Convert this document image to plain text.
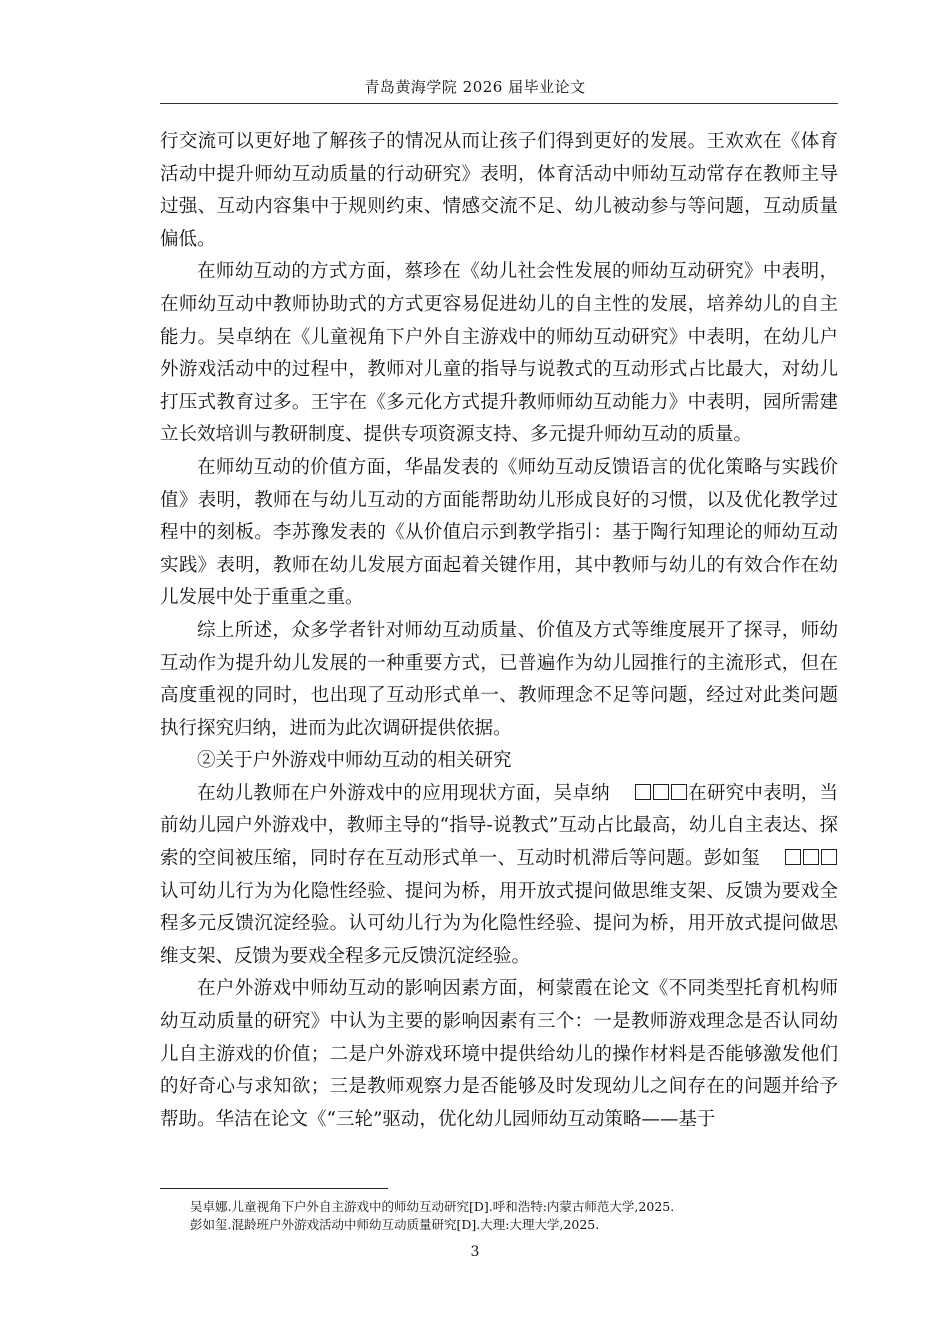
青岛黄海学院 2026 届毕业论文

行交流可以更好地了解孩子的情况从而让孩子们得到更好的发展。王欢欢在《体育活动中提升师幼互动质量的行动研究》表明，体育活动中师幼互动常存在教师主导过强、互动内容集中于规则约束、情感交流不足、幼儿被动参与等问题，互动质量偏低。

在师幼互动的方式方面，蔡珍在《幼儿社会性发展的师幼互动研究》中表明，在师幼互动中教师协助式的方式更容易促进幼儿的自主性的发展，培养幼儿的自主能力。吴卓纳在《儿童视角下户外自主游戏中的师幼互动研究》中表明，在幼儿户外游戏活动中的过程中，教师对儿童的指导与说教式的互动形式占比最大，对幼儿打压式教育过多。王宇在《多元化方式提升教师师幼互动能力》中表明，园所需建立长效培训与教研制度、提供专项资源支持、多元提升师幼互动的质量。

在师幼互动的价值方面，华晶发表的《师幼互动反馈语言的优化策略与实践价值》表明，教师在与幼儿互动的方面能帮助幼儿形成良好的习惯，以及优化教学过程中的刻板。李苏豫发表的《从价值启示到教学指引：基于陶行知理论的师幼互动实践》表明，教师在幼儿发展方面起着关键作用，其中教师与幼儿的有效合作在幼儿发展中处于重重之重。

综上所述，众多学者针对师幼互动质量、价值及方式等维度展开了探寻，师幼互动作为提升幼儿发展的一种重要方式，已普遍作为幼儿园推行的主流形式，但在高度重视的同时，也出现了互动形式单一、教师理念不足等问题，经过对此类问题执行探究归纳，进而为此次调研提供依据。

②关于户外游戏中师幼互动的相关研究

在幼儿教师在户外游戏中的应用现状方面，吴卓纳	在研究中表明，当前幼儿园户外游戏中，教师主导的“指导-说教式”互动占比最高，幼儿自主表达、探索的空间被压缩，同时存在互动形式单一、互动时机滞后等问题。彭如玺认可幼儿行为为化隐性经验、提问为桥，用开放式提问做思维支架、反馈为要戏全程多元反馈沉淀经验。认可幼儿行为为化隐性经验、提问为桥，用开放式提问做思维支架、反馈为要戏全程多元反馈沉淀经验。

在户外游戏中师幼互动的影响因素方面，柯蒙霞在论文《不同类型托育机构师幼互动质量的研究》中认为主要的影响因素有三个：一是教师游戏理念是否认同幼儿自主游戏的价值；二是户外游戏环境中提供给幼儿的操作材料是否能够激发他们的好奇心与求知欲；三是教师观察力是否能够及时发现幼儿之间存在的问题并给予帮助。华洁在论文《“三轮”驱动，优化幼儿园师幼互动策略——基于

吴卓娜.儿童视角下户外自主游戏中的师幼互动研究[D].呼和浩特:内蒙古师范大学,2025.
彭如玺.混龄班户外游戏活动中师幼互动质量研究[D].大理:大理大学,2025.
3
